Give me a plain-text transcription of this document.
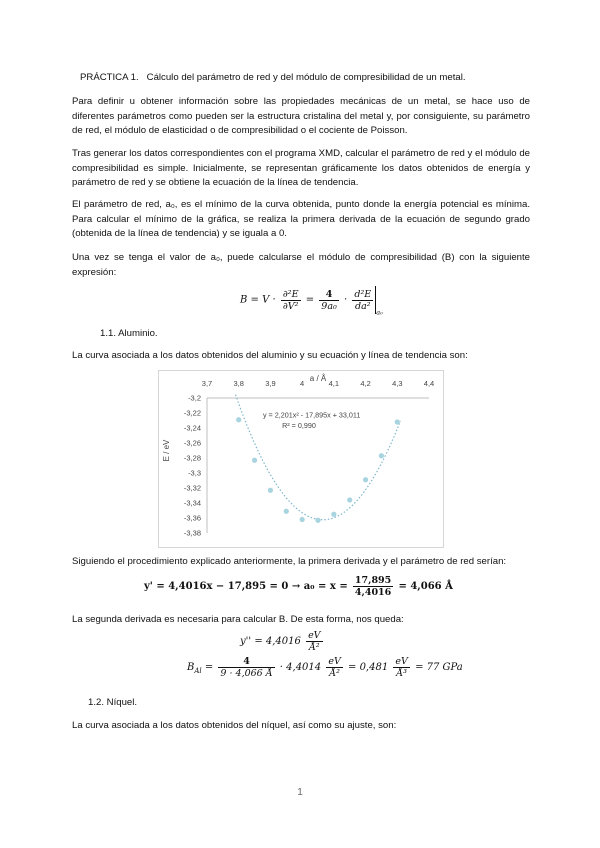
PRÁCTICA 1. Cálculo del parámetro de red y del módulo de compresibilidad de un metal.
Para definir u obtener información sobre las propiedades mecánicas de un metal, se hace uso de diferentes parámetros como pueden ser la estructura cristalina del metal y, por consiguiente, su parámetro de red, el módulo de elasticidad o de compresibilidad o el cociente de Poisson.
Tras generar los datos correspondientes con el programa XMD, calcular el parámetro de red y el módulo de compresibilidad es simple. Inicialmente, se representan gráficamente los datos obtenidos de energía y parámetro de red y se obtiene la ecuación de la línea de tendencia.
El parámetro de red, a₀, es el mínimo de la curva obtenida, punto donde la energía potencial es mínima. Para calcular el mínimo de la gráfica, se realiza la primera derivada de la ecuación de segundo grado (obtenida de la línea de tendencia) y se iguala a 0.
Una vez se tenga el valor de a₀, puede calcularse el módulo de compresibilidad (B) con la siguiente expresión:
$B = V \cdot \frac{\text{∂²E}}{\text{∂V²}} = \frac{4}{\text{9a₀}} \cdot \frac{\text{d²E}}{\text{da²}}$
$_{a_0}$
1.1. Aluminio.
La curva asociada a los datos obtenidos del aluminio y su ecuación y línea de tendencia son:
3,7	3,8	3,9	4	4,1	4,2	4,3	4,4
a / Å
-3,2
-3,22
-3,24
-3,26
-3,28
-3,3
-3,32
-3,34
-3,36
-3,38
E / eV
y = 2,201x² - 17,895x + 33,011
R² = 0,990
Siguiendo el procedimiento explicado anteriormente, la primera derivada y el parámetro de red serían:
$y' = 4,4016x - 17,895 = 0 \to a_0 = x = \frac{17,895}{4,4016} = 4,066$ Å
La segunda derivada es necesaria para calcular B. De esta forma, nos queda:
$y'' = 4,4016 \frac{eV}{\text{Å²}}$
$B_{Al} = \frac{4}{9 \cdot 4,066 Å} \cdot 4,4014 \frac{eV}{\text{Å²}} = 0,481 \frac{eV}{\text{Å³}} = 77$ GPa
1.2. Níquel.
La curva asociada a los datos obtenidos del níquel, así como su ajuste, son:
1
